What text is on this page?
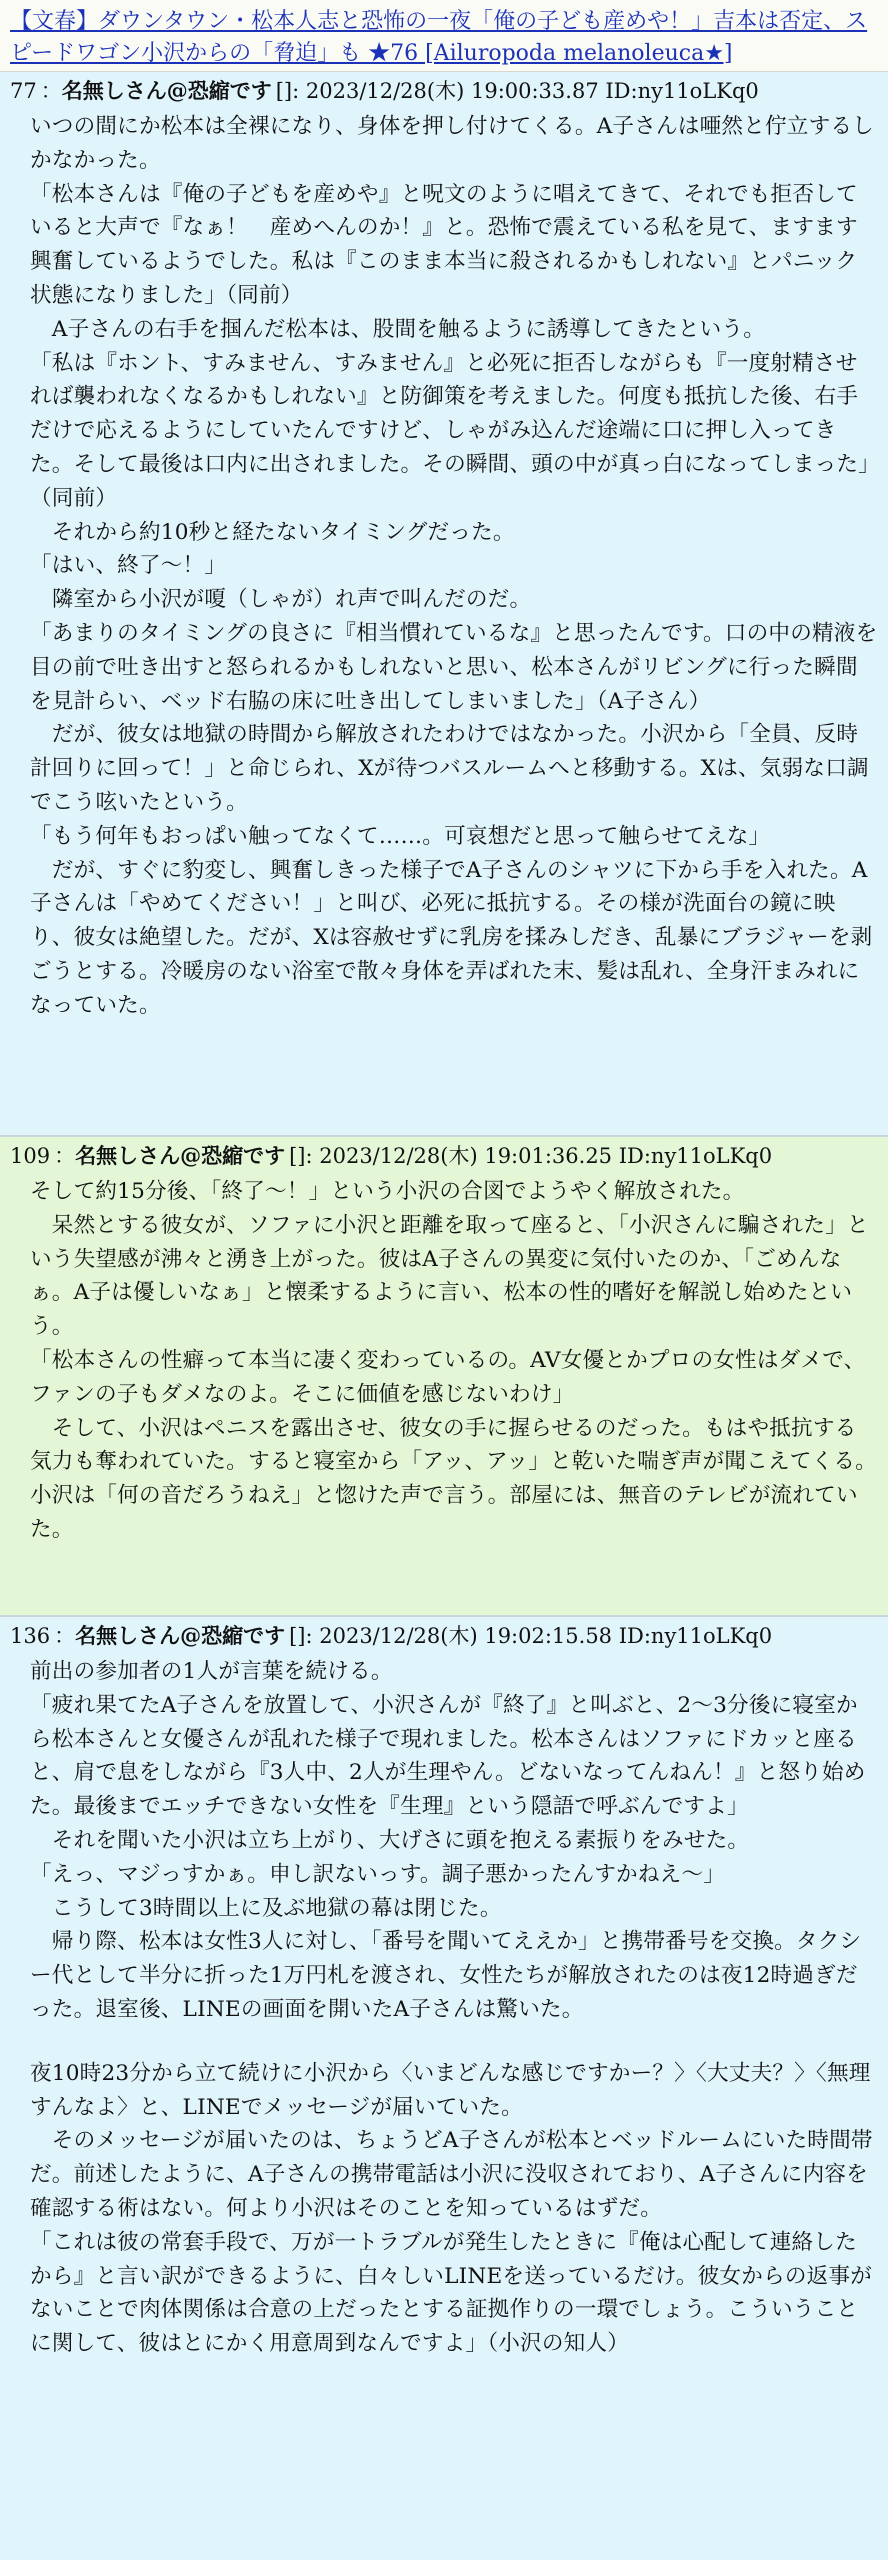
【文春】ダウンタウン・松本人志と恐怖の一夜「俺の子ども産めや！」吉本は否定、スピードワゴン小沢からの「脅迫」も ★76 [Ailuropoda melanoleuca★]
77 ：名無しさん@恐縮です []: 2023/12/28(木) 19:00:33.87 ID:ny11oLKq0

いつの間にか松本は全裸になり、身体を押し付けてくる。A子さんは唖然と佇立するしかなかった。

「松本さんは『俺の子どもを産めや』と呪文のように唱えてきて、それでも拒否していると大声で『なぁ！　産めへんのか！』と。恐怖で震えている私を見て、ますます興奮しているようでした。私は『このまま本当に殺されるかもしれない』とパニック状態になりました」（同前）

　A子さんの右手を掴んだ松本は、股間を触るように誘導してきたという。

「私は『ホント、すみません、すみません』と必死に拒否しながらも『一度射精させれば襲われなくなるかもしれない』と防御策を考えました。何度も抵抗した後、右手だけで応えるようにしていたんですけど、しゃがみ込んだ途端に口に押し入ってきた。そして最後は口内に出されました。その瞬間、頭の中が真っ白になってしまった」（同前）

　それから約10秒と経たないタイミングだった。

「はい、終了～！」

　隣室から小沢が嗄（しゃが）れ声で叫んだのだ。

「あまりのタイミングの良さに『相当慣れているな』と思ったんです。口の中の精液を目の前で吐き出すと怒られるかもしれないと思い、松本さんがリビングに行った瞬間を見計らい、ベッド右脇の床に吐き出してしまいました」（A子さん）

　だが、彼女は地獄の時間から解放されたわけではなかった。小沢から「全員、反時計回りに回って！」と命じられ、Xが待つバスルームへと移動する。Xは、気弱な口調でこう呟いたという。

「もう何年もおっぱい触ってなくて……。可哀想だと思って触らせてえな」

　だが、すぐに豹変し、興奮しきった様子でA子さんのシャツに下から手を入れた。A子さんは「やめてください！」と叫び、必死に抵抗する。その様が洗面台の鏡に映り、彼女は絶望した。だが、Xは容赦せずに乳房を揉みしだき、乱暴にブラジャーを剥ごうとする。冷暖房のない浴室で散々身体を弄ばれた末、髪は乱れ、全身汗まみれになっていた。

109 ：名無しさん@恐縮です []: 2023/12/28(木) 19:01:36.25 ID:ny11oLKq0

そして約15分後、「終了～！」という小沢の合図でようやく解放された。

　呆然とする彼女が、ソファに小沢と距離を取って座ると、「小沢さんに騙された」という失望感が沸々と湧き上がった。彼はA子さんの異変に気付いたのか、「ごめんなぁ。A子は優しいなぁ」と懐柔するように言い、松本の性的嗜好を解説し始めたという。

「松本さんの性癖って本当に凄く変わっているの。AV女優とかプロの女性はダメで、ファンの子もダメなのよ。そこに価値を感じないわけ」

　そして、小沢はペニスを露出させ、彼女の手に握らせるのだった。もはや抵抗する気力も奪われていた。すると寝室から「アッ、アッ」と乾いた喘ぎ声が聞こえてくる。小沢は「何の音だろうねえ」と惚けた声で言う。部屋には、無音のテレビが流れていた。

136 ：名無しさん@恐縮です []: 2023/12/28(木) 19:02:15.58 ID:ny11oLKq0

前出の参加者の1人が言葉を続ける。

「疲れ果てたA子さんを放置して、小沢さんが『終了』と叫ぶと、2～3分後に寝室から松本さんと女優さんが乱れた様子で現れました。松本さんはソファにドカッと座ると、肩で息をしながら『3人中、2人が生理やん。どないなってんねん！』と怒り始めた。最後までエッチできない女性を『生理』という隠語で呼ぶんですよ」

　それを聞いた小沢は立ち上がり、大げさに頭を抱える素振りをみせた。

「えっ、マジっすかぁ。申し訳ないっす。調子悪かったんすかねえ～」

　こうして3時間以上に及ぶ地獄の幕は閉じた。

　帰り際、松本は女性3人に対し、「番号を聞いてええか」と携帯番号を交換。タクシー代として半分に折った1万円札を渡され、女性たちが解放されたのは夜12時過ぎだった。退室後、LINEの画面を開いたA子さんは驚いた。

夜10時23分から立て続けに小沢から〈いまどんな感じですかー？〉〈大丈夫？〉〈無理すんなよ〉と、LINEでメッセージが届いていた。

　そのメッセージが届いたのは、ちょうどA子さんが松本とベッドルームにいた時間帯だ。前述したように、A子さんの携帯電話は小沢に没収されており、A子さんに内容を確認する術はない。何より小沢はそのことを知っているはずだ。

「これは彼の常套手段で、万が一トラブルが発生したときに『俺は心配して連絡したから』と言い訳ができるように、白々しいLINEを送っているだけ。彼女からの返事がないことで肉体関係は合意の上だったとする証拠作りの一環でしょう。こういうことに関して、彼はとにかく用意周到なんですよ」（小沢の知人）
